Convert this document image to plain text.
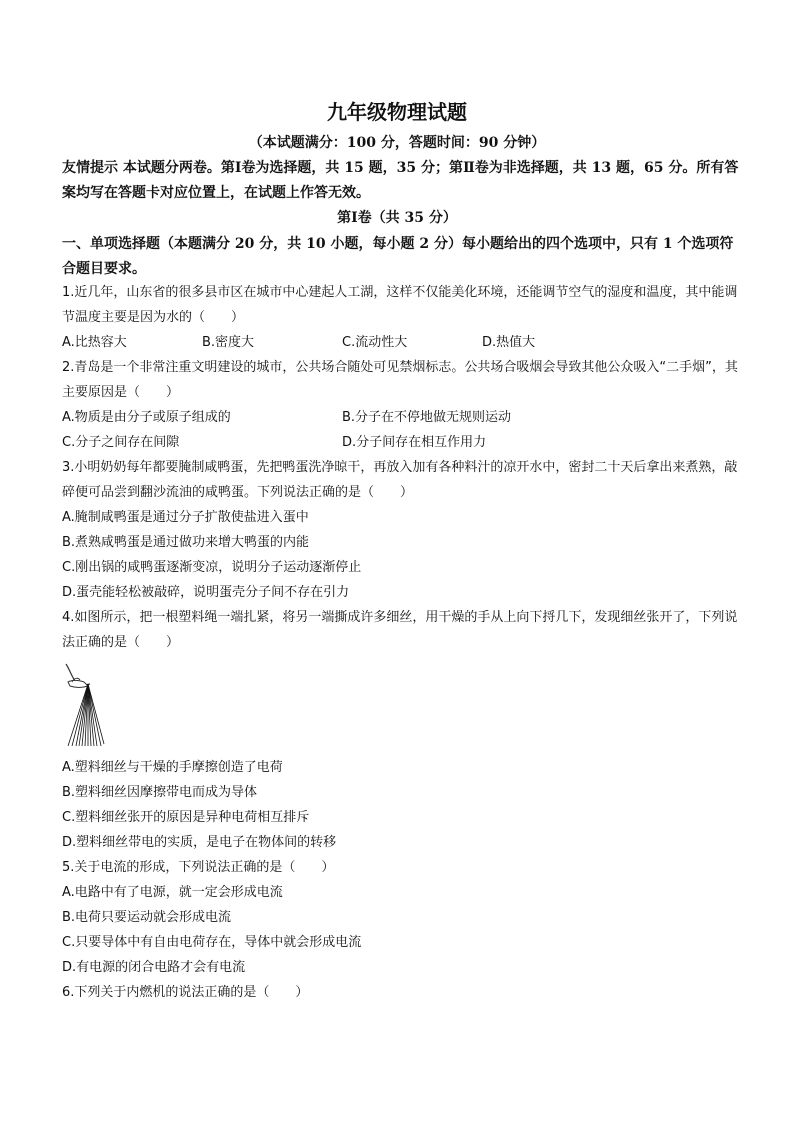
九年级物理试题
（本试题满分：100 分，答题时间：90 分钟）
友情提示 本试题分两卷。第Ⅰ卷为选择题，共 15 题，35 分；第Ⅱ卷为非选择题，共 13 题，65 分。所有答案均写在答题卡对应位置上，在试题上作答无效。
第Ⅰ卷（共 35 分）
一、单项选择题（本题满分 20 分，共 10 小题，每小题 2 分）每小题给出的四个选项中，只有 1 个选项符合题目要求。
1.近几年，山东省的很多县市区在城市中心建起人工湖，这样不仅能美化环境，还能调节空气的湿度和温度，其中能调节温度主要是因为水的（　　）
A.比热容大	B.密度大	C.流动性大	D.热值大
2.青岛是一个非常注重文明建设的城市，公共场合随处可见禁烟标志。公共场合吸烟会导致其他公众吸入“二手烟”，其主要原因是（　　）
A.物质是由分子或原子组成的	B.分子在不停地做无规则运动
C.分子之间存在间隙	D.分子间存在相互作用力
3.小明奶奶每年都要腌制咸鸭蛋，先把鸭蛋洗净晾干，再放入加有各种料汁的凉开水中，密封二十天后拿出来煮熟，敲碎便可品尝到翻沙流油的咸鸭蛋。下列说法正确的是（　　）
A.腌制咸鸭蛋是通过分子扩散使盐进入蛋中
B.煮熟咸鸭蛋是通过做功来增大鸭蛋的内能
C.刚出锅的咸鸭蛋逐渐变凉，说明分子运动逐渐停止
D.蛋壳能轻松被敲碎，说明蛋壳分子间不存在引力
4.如图所示，把一根塑料绳一端扎紧，将另一端撕成许多细丝，用干燥的手从上向下捋几下，发现细丝张开了，下列说法正确的是（　　）
A.塑料细丝与干燥的手摩擦创造了电荷
B.塑料细丝因摩擦带电而成为导体
C.塑料细丝张开的原因是异种电荷相互排斥
D.塑料细丝带电的实质，是电子在物体间的转移
5.关于电流的形成，下列说法正确的是（　　）
A.电路中有了电源，就一定会形成电流
B.电荷只要运动就会形成电流
C.只要导体中有自由电荷存在，导体中就会形成电流
D.有电源的闭合电路才会有电流
6.下列关于内燃机的说法正确的是（　　）
